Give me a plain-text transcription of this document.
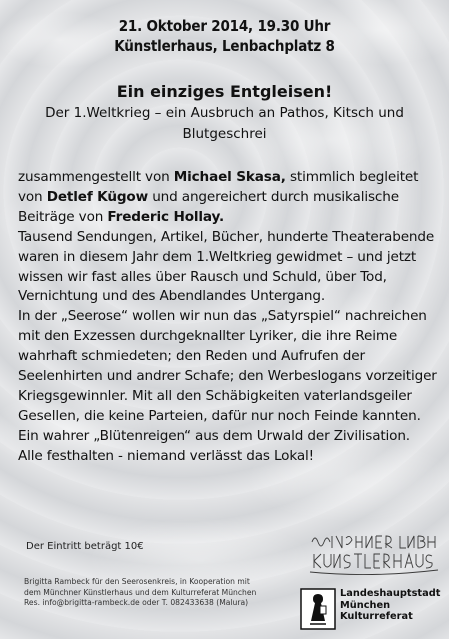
21. Oktober 2014, 19.30 Uhr
Künstlerhaus, Lenbachplatz 8
Ein einziges Entgleisen!
Der 1.Weltkrieg – ein Ausbruch an Pathos, Kitsch und Blutgeschrei

zusammengestellt von Michael Skasa, stimmlich begleitet von Detlef Kügow und angereichert durch musikalische Beiträge von Frederic Hollay.

Tausend Sendungen, Artikel, Bücher, hunderte Theaterabende waren in diesem Jahr dem 1.Weltkrieg gewidmet – und jetzt wissen wir fast alles über Rausch und Schuld, über Tod, Vernichtung und des Abendlandes Untergang.

In der „Seerose“ wollen wir nun das „Satyrspiel“ nachreichen mit den Exzessen durchgeknallter Lyriker, die ihre Reime wahrhaft schmiedeten; den Reden und Aufrufen der Seelenhirten und andrer Schafe; den Werbeslogans vorzeitiger Kriegsgewinnler. Mit all den Schäbigkeiten vaterlandsgeiler Gesellen, die keine Parteien, dafür nur noch Feinde kannten. Ein wahrer „Blütenreigen“ aus dem Urwald der Zivilisation. Alle festhalten - niemand verlässt das Lokal!

Der Eintritt beträgt 10€
Brigitta Rambeck für den Seerosenkreis, in Kooperation mit
dem Münchner Künstlerhaus und dem Kulturreferat München
Res. info@brigitta-rambeck.de oder T. 082433638 (Malura)
Landeshauptstadt
München
Kulturreferat
